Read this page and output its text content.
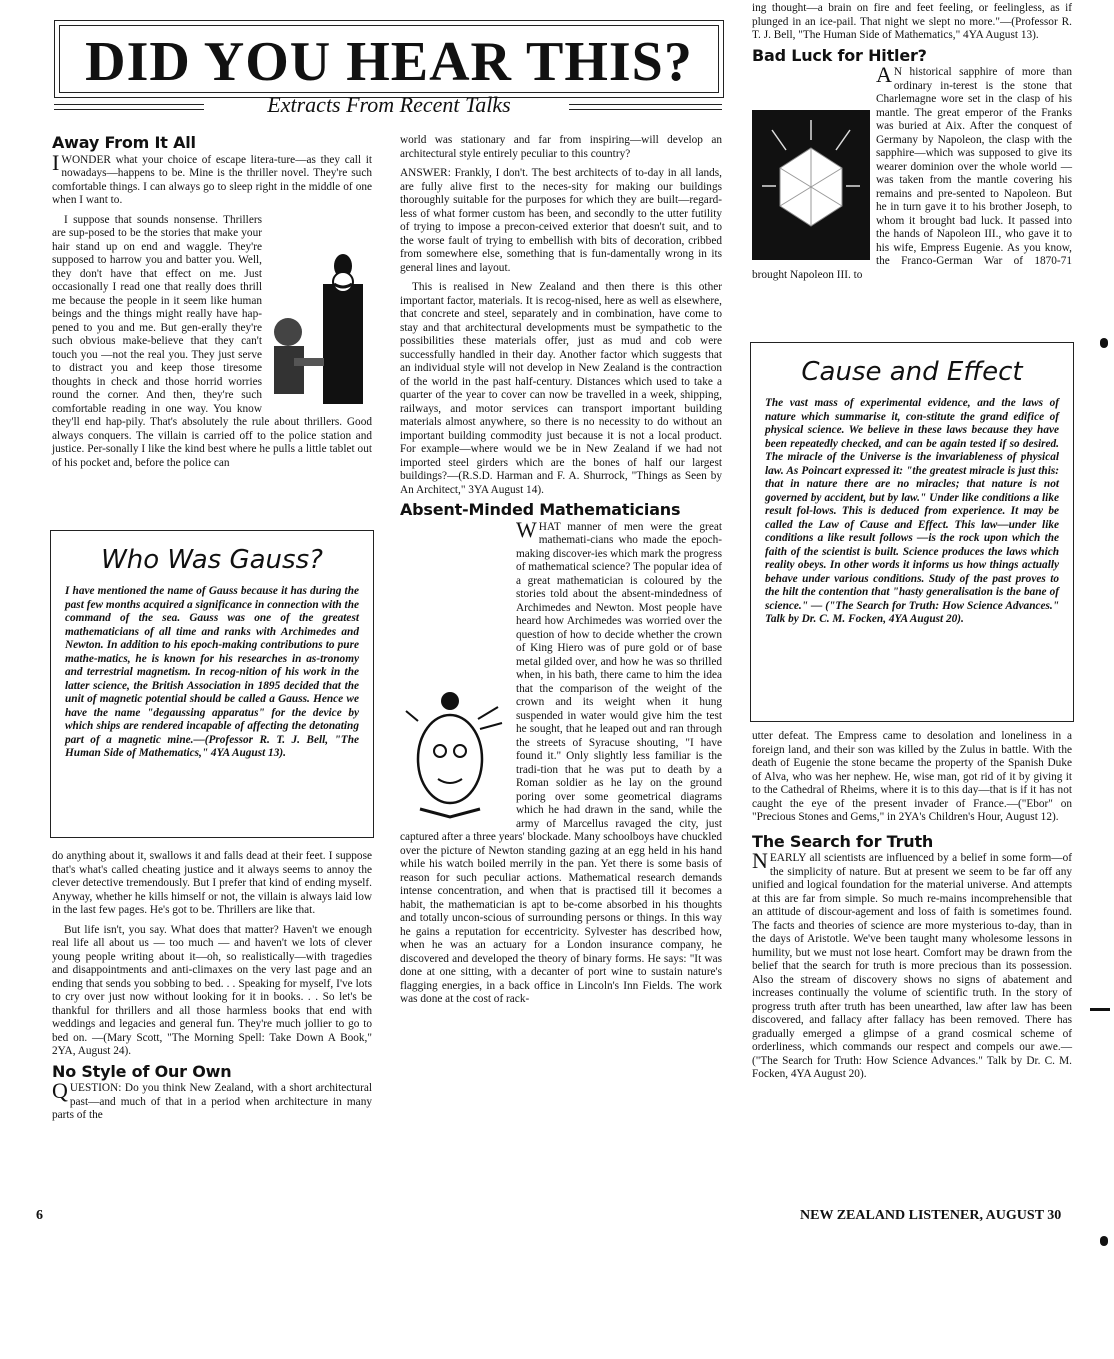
DID YOU HEAR THIS?
Extracts From Recent Talks
Away From It All

IWONDER what your choice of escape litera-ture—as they call it nowadays—happens to be. Mine is the thriller novel. They're such comfortable things. I can always go to sleep right in the middle of one when I want to.

I suppose that sounds nonsense. Thrillers are sup-posed to be the stories that make your hair stand up on end and waggle. They're supposed to harrow you and batter you. Well, they don't have that effect on me. Just occasionally I read one that really does thrill me because the people in it seem like human beings and the things might really have hap-pened to you and me. But gen-erally they're such obvious make-believe that they can't touch you —not the real you. They just serve to distract you and keep those tiresome thoughts in check and those horrid worries round the corner. And then, they're such comfortable reading in one way. You know they'll end hap-pily. That's absolutely the rule about thrillers. Good always conquers. The villain is carried off to the police station and justice. Per-sonally I like the kind best where he pulls a little tablet out of his pocket and, before the police can

Who Was Gauss?

I have mentioned the name of Gauss because it has during the past few months acquired a significance in connection with the command of the sea. Gauss was one of the greatest mathematicians of all time and ranks with Archimedes and Newton. In addition to his epoch-making contributions to pure mathe-matics, he is known for his researches in as-tronomy and terrestrial magnetism. In recog-nition of his work in the latter science, the British Association in 1895 decided that the unit of magnetic potential should be called a Gauss. Hence we have the name "degaussing apparatus" for the device by which ships are rendered incapable of affecting the detonating part of a magnetic mine.—(Professor R. T. J. Bell, "The Human Side of Mathematics," 4YA August 13).

do anything about it, swallows it and falls dead at their feet. I suppose that's what's called cheating justice and it always seems to annoy the clever detective tremendously. But I prefer that kind of ending myself. Anyway, whether he kills himself or not, the villain is always laid low in the last few pages. He's got to be. Thrillers are like that.

But life isn't, you say. What does that matter? Haven't we enough real life all about us — too much — and haven't we lots of clever young people writing about it—oh, so realistically—with tragedies and disappointments and anti-climaxes on the very last page and an ending that sends you sobbing to bed. . . Speaking for myself, I've lots to cry over just now without looking for it in books. . . So let's be thankful for thrillers and all those harmless books that end with weddings and legacies and general fun. They're much jollier to go to bed on. —(Mary Scott, "The Morning Spell: Take Down A Book," 2YA, August 24).

No Style of Our Own

QUESTION: Do you think New Zealand, with a short architectural past—and much of that in a period when architecture in many parts of the

world was stationary and far from inspiring—will develop an architectural style entirely peculiar to this country?

ANSWER: Frankly, I don't. The best architects of to-day in all lands, are fully alive first to the neces-sity for making our buildings thoroughly suitable for the purposes for which they are built—regard-less of what former custom has been, and secondly to the utter futility of trying to impose a precon-ceived exterior that doesn't suit, and to the worse fault of trying to embellish with bits of decoration, cribbed from somewhere else, something that is fun-damentally wrong in its general lines and layout.

This is realised in New Zealand and then there is this other important factor, materials. It is recog-nised, here as well as elsewhere, that concrete and steel, separately and in combination, have come to stay and that architectural developments must be sympathetic to the possibilities these materials offer, just as mud and cob were successfully handled in their day. Another factor which suggests that an individual style will not develop in New Zealand is the contraction of the world in the past half-century. Distances which used to take a quarter of the year to cover can now be travelled in a week, shipping, railways, and motor services can transport important building materials almost anywhere, so there is no necessity to do without an important building commodity just because it is not a local product. For example—where would we be in New Zealand if we had not imported steel girders which are the bones of half our largest buildings?—(R.S.D. Harman and F. A. Shurrock, "Things as Seen by An Architect," 3YA August 14).

Absent-Minded Mathematicians

WHAT manner of men were the great mathemati-cians who made the epoch-making discover-ies which mark the progress of mathematical science? The popular idea of a great mathematician is coloured by the stories told about the absent-mindedness of Archimedes and Newton. Most people have heard how Archimedes was worried over the question of how to decide whether the crown of King Hiero was of pure gold or of base metal gilded over, and how he was so thrilled when, in his bath, there came to him the idea that the comparison of the weight of the crown and its weight when it hung suspended in water would give him the test he sought, that he leaped out and ran through the streets of Syracuse shouting, "I have found it." Only slightly less familiar is the tradi-tion that he was put to death by a Roman soldier as he lay on the ground poring over some geometrical diagrams which he had drawn in the sand, while the army of Marcellus ravaged the city, just captured after a three years' blockade. Many schoolboys have chuckled over the picture of Newton standing gazing at an egg held in his hand while his watch boiled merrily in the pan. Yet there is some basis of reason for such peculiar actions. Mathematical research demands intense concentration, and when that is practised till it becomes a habit, the mathematician is apt to be-come absorbed in his thoughts and totally uncon-scious of surrounding persons or things. In this way he gains a reputation for eccentricity. Sylvester has described how, when he was an actuary for a London insurance company, he discovered and developed the theory of binary forms. He says: "It was done at one sitting, with a decanter of port wine to sustain nature's flagging energies, in a back office in Lincoln's Inn Fields. The work was done at the cost of rack-

ing thought—a brain on fire and feet feeling, or feelingless, as if plunged in an ice-pail. That night we slept no more."—(Professor R. T. J. Bell, "The Human Side of Mathematics," 4YA August 13).

Bad Luck for Hitler?

AN historical sapphire of more than ordinary in-terest is the stone that Charlemagne wore set in the clasp of his mantle. The great emperor of the Franks was buried at Aix. After the conquest of Germany by Napoleon, the clasp with the sapphire—which was supposed to give its wearer dominion over the whole world —was taken from the mantle covering his remains and pre-sented to Napoleon. But he in turn gave it to his brother Joseph, to whom it brought bad luck. It passed into the hands of Napoleon III., who gave it to his wife, Empress Eugenie. As you know, the Franco-German War of 1870-71 brought Napoleon III. to

Cause and Effect

The vast mass of experimental evidence, and the laws of nature which summarise it, con-stitute the grand edifice of physical science. We believe in these laws because they have been repeatedly checked, and can be again tested if so desired. The miracle of the Universe is the invariableness of physical law. As Poincart expressed it: "the greatest miracle is just this: that in nature there are no miracles; that nature is not governed by accident, but by law." Under like conditions a like result fol-lows. This is deduced from experience. It may be called the Law of Cause and Effect. This law—under like conditions a like result follows —is the rock upon which the faith of the scientist is built. Science produces the laws which reality obeys. In other words it informs us how things actually behave under various conditions. Study of the past proves to the hilt the contention that "hasty generalisation is the bane of science." — ("The Search for Truth: How Science Advances." Talk by Dr. C. M. Focken, 4YA August 20).

utter defeat. The Empress came to desolation and loneliness in a foreign land, and their son was killed by the Zulus in battle. With the death of Eugenie the stone became the property of the Spanish Duke of Alva, who was her nephew. He, wise man, got rid of it by giving it to the Cathedral of Rheims, where it is to this day—that is if it has not caught the eye of the present invader of France.—("Ebor" on "Precious Stones and Gems," in 2YA's Children's Hour, August 12).

The Search for Truth

NEARLY all scientists are influenced by a belief in some form—of the simplicity of nature. But at present we seem to be far off any unified and logical foundation for the material universe. And attempts at this are far from simple. So much re-mains incomprehensible that an attitude of discour-agement and loss of faith is sometimes found. The facts and theories of science are more mysterious to-day, than in the days of Aristotle. We've been taught many wholesome lessons in humility, but we must not lose heart. Comfort may be drawn from the belief that the search for truth is more precious than its possession. Also the stream of discovery shows no signs of abatement and increases continually the volume of scientific truth. In the story of progress truth after truth has been unearthed, law after law has been discovered, and fallacy after fallacy has been removed. There has gradually emerged a glimpse of a grand cosmical scheme of orderliness, which commands our respect and compels our awe.—("The Search for Truth: How Science Advances." Talk by Dr. C. M. Focken, 4YA August 20).

6	NEW ZEALAND LISTENER, AUGUST 30
